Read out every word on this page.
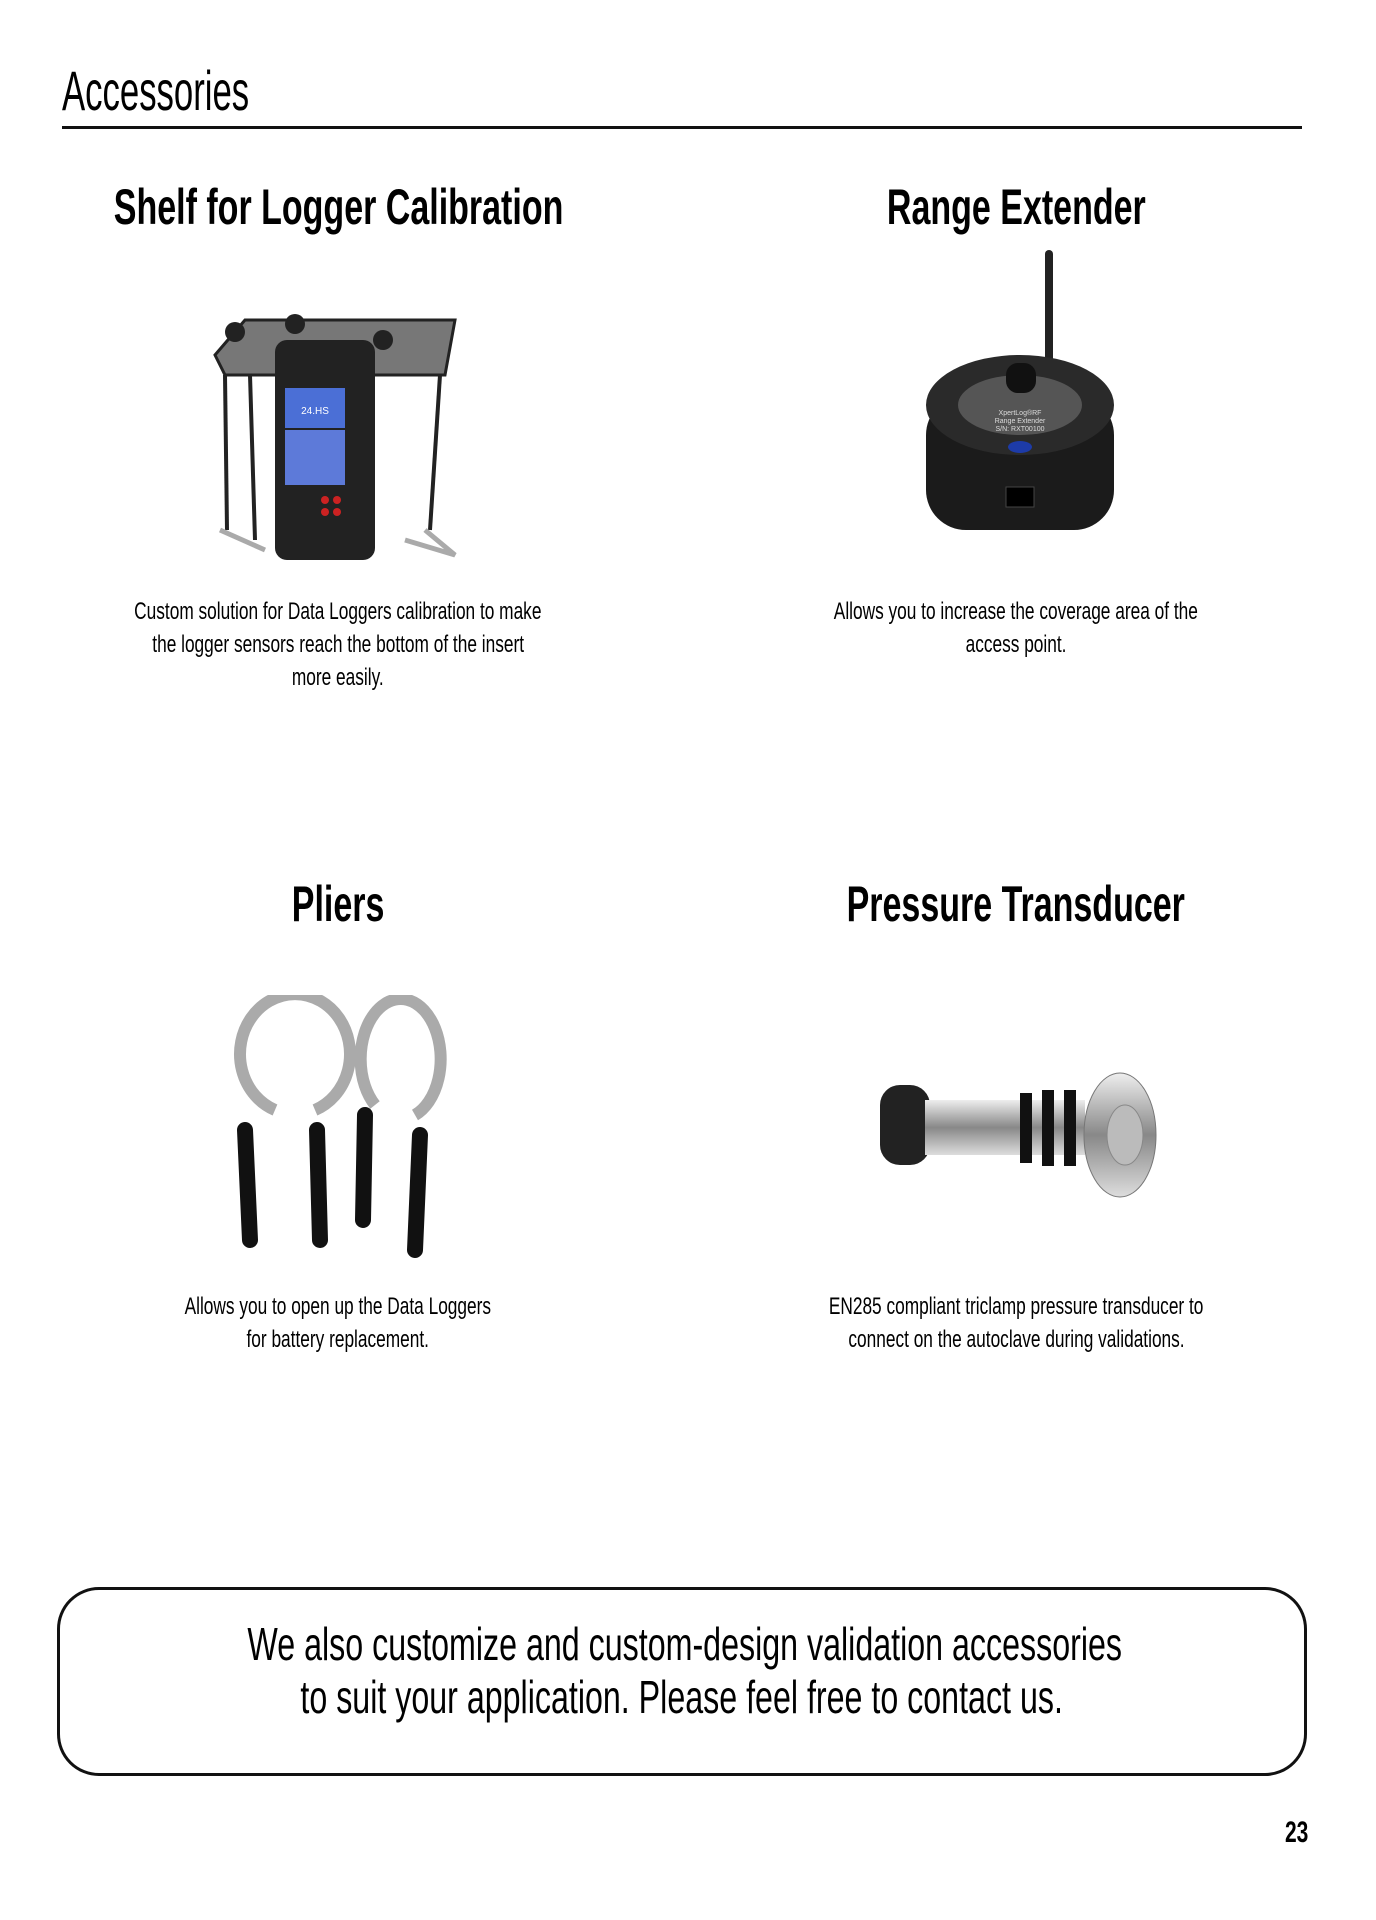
Accessories
Shelf for Logger Calibration
24.HS
Custom solution for Data Loggers calibration to make
the logger sensors reach the bottom of the insert
more easily.
Range Extender
XpertLog®RF
Range Extender
S/N: RXT00100
Allows you to increase the coverage area of the
access point.
Pliers
Allows you to open up the Data Loggers
for battery replacement.
Pressure Transducer
EN285 compliant triclamp pressure transducer to
connect on the autoclave during validations.
We also customize and custom-design validation accessories
to suit your application. Please feel free to contact us.
23
